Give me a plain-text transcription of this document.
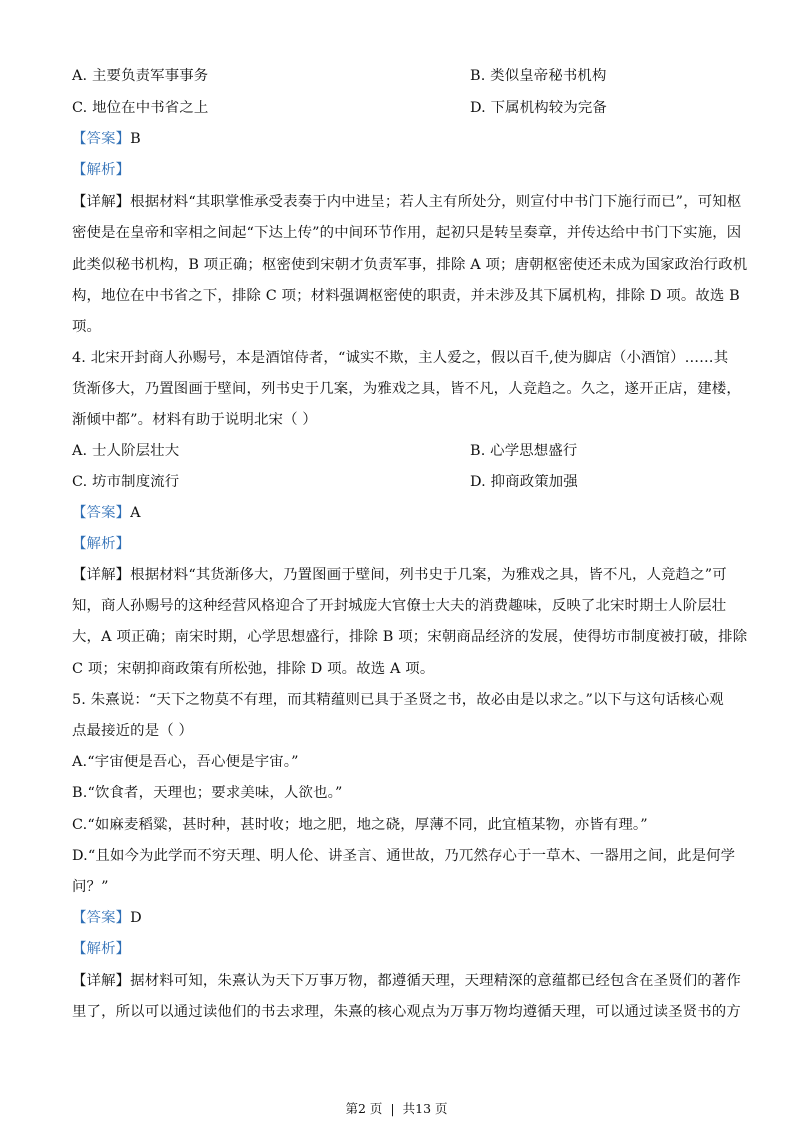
A. 主要负责军事事务	B. 类似皇帝秘书机构
C. 地位在中书省之上	D. 下属机构较为完备
【答案】B
【解析】
【详解】根据材料“其职掌惟承受表奏于内中进呈；若人主有所处分，则宣付中书门下施行而已”，可知枢
密使是在皇帝和宰相之间起“下达上传”的中间环节作用，起初只是转呈奏章，并传达给中书门下实施，因
此类似秘书机构，B 项正确；枢密使到宋朝才负责军事，排除 A 项；唐朝枢密使还未成为国家政治行政机
构，地位在中书省之下，排除 C 项；材料强调枢密使的职责，并未涉及其下属机构，排除 D 项。故选 B
项。
4. 北宋开封商人孙赐号，本是酒馆侍者，“诚实不欺，主人爱之，假以百千,使为脚店（小酒馆）……其
货渐侈大，乃置图画于壁间，列书史于几案，为雅戏之具，皆不凡，人竞趋之。久之，遂开正店，建楼，
渐倾中都”。材料有助于说明北宋（ ）
A. 士人阶层壮大	B. 心学思想盛行
C. 坊市制度流行	D. 抑商政策加强
【答案】A
【解析】
【详解】根据材料“其货渐侈大，乃置图画于壁间，列书史于几案，为雅戏之具，皆不凡，人竞趋之”可
知，商人孙赐号的这种经营风格迎合了开封城庞大官僚士大夫的消费趣味，反映了北宋时期士人阶层壮
大，A 项正确；南宋时期，心学思想盛行，排除 B 项；宋朝商品经济的发展，使得坊市制度被打破，排除
C 项；宋朝抑商政策有所松弛，排除 D 项。故选 A 项。
5. 朱熹说：“天下之物莫不有理，而其精蕴则已具于圣贤之书，故必由是以求之。”以下与这句话核心观
点最接近的是（ ）
A.“宇宙便是吾心，吾心便是宇宙。”
B.“饮食者，天理也；要求美味，人欲也。”
C.“如麻麦稻粱，甚时种，甚时收；地之肥，地之硗，厚薄不同，此宜植某物，亦皆有理。”
D.“且如今为此学而不穷天理、明人伦、讲圣言、通世故，乃兀然存心于一草木、一器用之间，此是何学
问？”
【答案】D
【解析】
【详解】据材料可知，朱熹认为天下万事万物，都遵循天理，天理精深的意蕴都已经包含在圣贤们的著作
里了，所以可以通过读他们的书去求理，朱熹的核心观点为万事万物均遵循天理，可以通过读圣贤书的方
第2 页 | 共13 页
